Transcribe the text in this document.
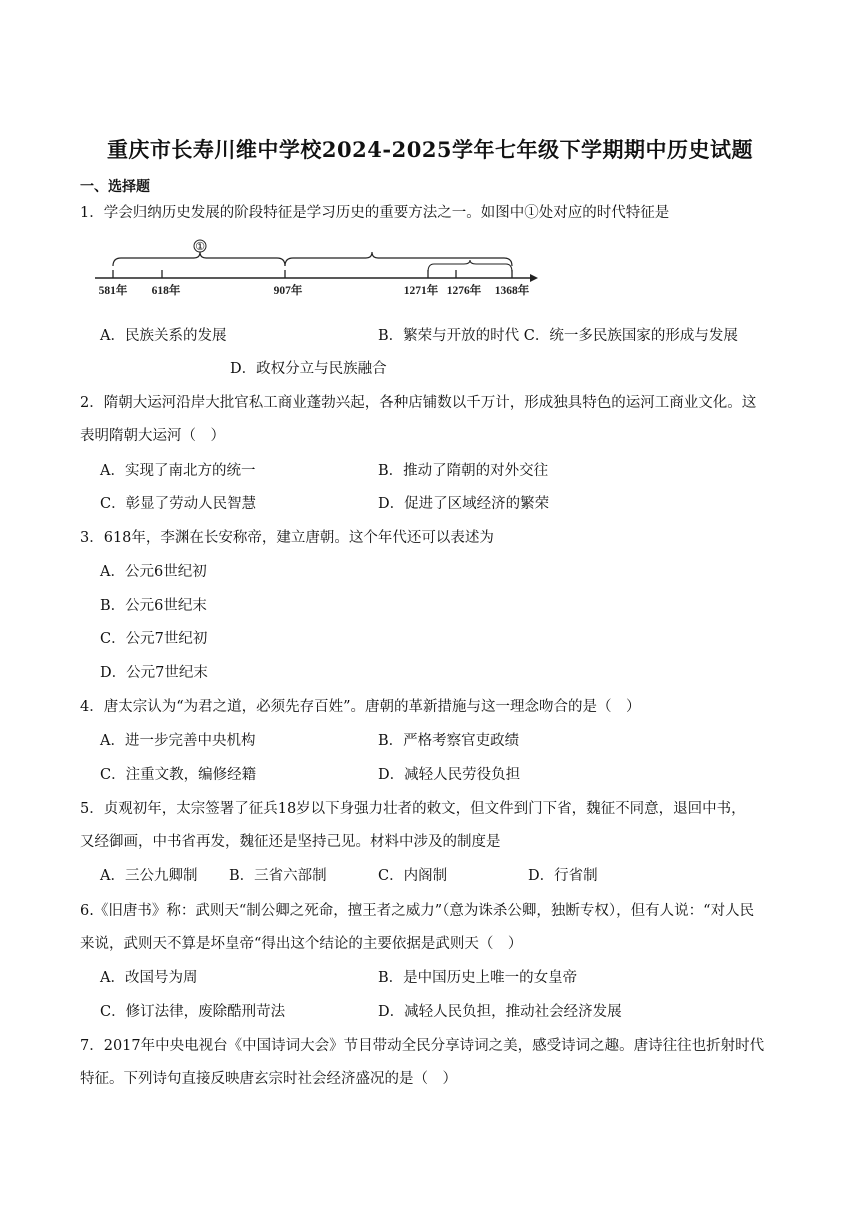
重庆市长寿川维中学校2024-2025学年七年级下学期期中历史试题
一、选择题
1．学会归纳历史发展的阶段特征是学习历史的重要方法之一。如图中①处对应的时代特征是
①
581年 618年	907年	1271年 1276年 1368年
A．民族关系的发展	B．繁荣与开放的时代 C．统一多民族国家的形成与发展
D．政权分立与民族融合
2．隋朝大运河沿岸大批官私工商业蓬勃兴起，各种店铺数以千万计，形成独具特色的运河工商业文化。这
表明隋朝大运河（　）
A．实现了南北方的统一	B．推动了隋朝的对外交往
C．彰显了劳动人民智慧	D．促进了区域经济的繁荣
3．618年，李渊在长安称帝，建立唐朝。这个年代还可以表述为
A．公元6世纪初
B．公元6世纪末
C．公元7世纪初
D．公元7世纪末
4．唐太宗认为“为君之道，必须先存百姓”。唐朝的革新措施与这一理念吻合的是（　）
A．进一步完善中央机构	B．严格考察官吏政绩
C．注重文教，编修经籍	D．减轻人民劳役负担
5．贞观初年，太宗签署了征兵18岁以下身强力壮者的敕文，但文件到门下省，魏征不同意，退回中书，
又经御画，中书省再发，魏征还是坚持己见。材料中涉及的制度是
A．三公九卿制 B．三省六部制	C．内阁制	D．行省制
6.《旧唐书》称：武则天“制公卿之死命，擅王者之威力”（意为诛杀公卿，独断专权），但有人说：“对人民
来说，武则天不算是坏皇帝“得出这个结论的主要依据是武则天（　）
A．改国号为周	B．是中国历史上唯一的女皇帝
C．修订法律，废除酷刑苛法	D．减轻人民负担，推动社会经济发展
7．2017年中央电视台《中国诗词大会》节目带动全民分享诗词之美，感受诗词之趣。唐诗往往也折射时代
特征。下列诗句直接反映唐玄宗时社会经济盛况的是（　）
